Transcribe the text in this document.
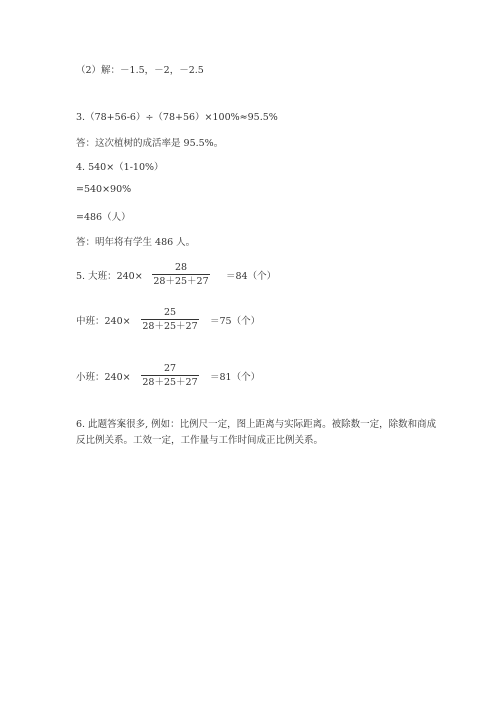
（2）解：－1.5，－2，－2.5
3.（78+56-6）÷（78+56）×100%≈95.5%
答：这次植树的成活率是 95.5%。
4. 540×（1-10%）
=540×90%
=486（人）
答：明年将有学生 486 人。
5. 大班：240×
28
28＋25＋27 ＝84（个）
中班：240×
25
28＋25＋27 ＝75（个）
小班：240×
27
28＋25＋27 ＝81（个）
6. 此题答案很多, 例如：比例尺一定，图上距离与实际距离。被除数一定，除数和商成反比例关系。工效一定，工作量与工作时间成正比例关系。
